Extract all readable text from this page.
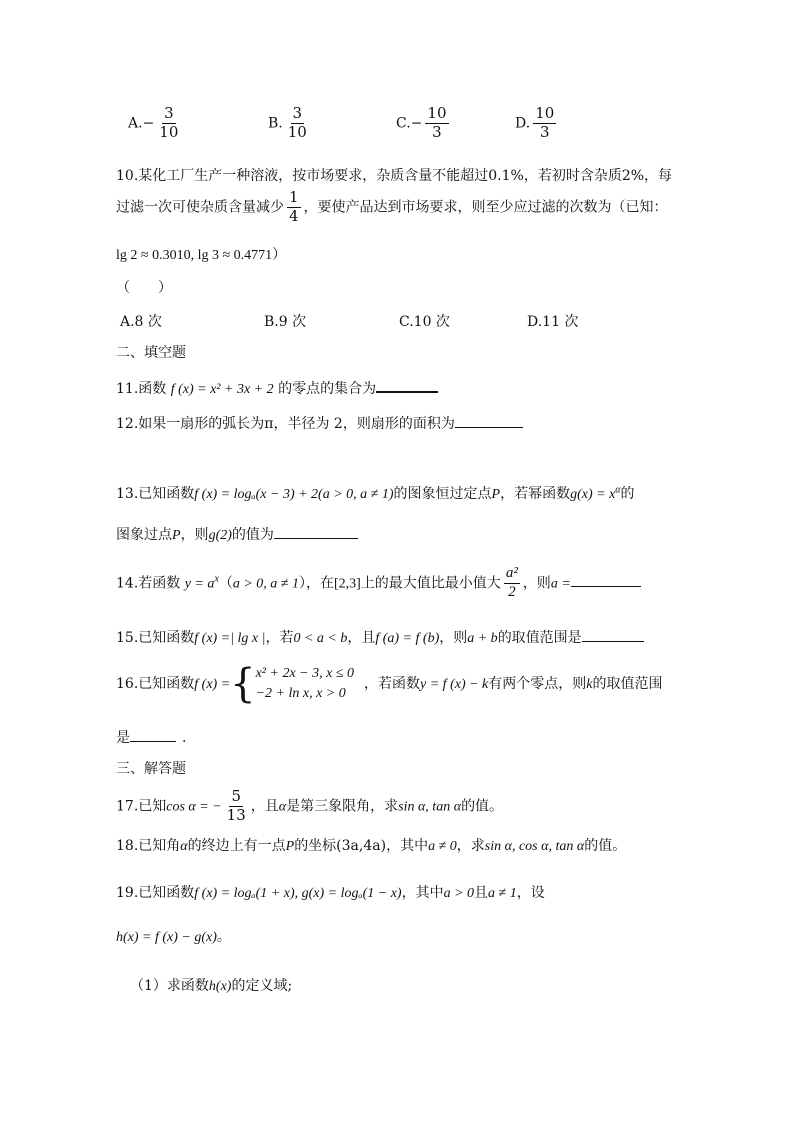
$A.- \frac{3}{10}$	B. $\frac{3}{10}$	$C.- \frac{10}{3}$	D. $\frac{10}{3}$
10.某化工厂生产一种溶液，按市场要求，杂质含量不能超过0.1%，若初时含杂质2%，每
过滤一次可使杂质含量减少 $\frac{1}{4}$ ，要使产品达到市场要求，则至少应过滤的次数为（已知：
lg 2 ≈ 0.3010, lg 3 ≈ 0.4771）
（　　）
A.8 次	B.9 次	C.10 次	D.11 次
二、填空题
11.函数 f (x) = x² + 3x + 2 的零点的集合为
12.如果一扇形的弧长为π，半径为 2，则扇形的面积为
13.已知函数f (x) = logₐ(x − 3) + 2(a > 0, a ≠ 1)的图象恒过定点P，若幂函数$g(x) = x^\alpha$的
图象过点P，则g(2)的值为
14.若函数 $y = a^x(a > 0$, a ≠ 1），在[2,3]上的最大值比最小值大 $\frac{\text{a²}}{2}$ ，则a =
15.已知函数f (x) =| lg x |，若0 < a < b，且f (a) = f (b)，则a + b的取值范围是
16.已知函数f (x) ={ x² + 2x − 3, x ≤ 0
−2 + ln x, x > 0
，若函数y = f (x) − k有两个零点，则k的取值范围
是	.
三、解答题
17.已知cos α = − $\frac{5}{13}$ ，且α是第三象限角，求sin α, tan α的值。
18.已知角α的终边上有一点P的坐标(3a,4a)，其中a ≠ 0，求sin α, cos α, tan α的值。
19.已知函数f (x) = logₐ(1 + x), g(x) = logₐ(1 − x)，其中a > 0且a ≠ 1，设
h(x) = f (x) − g(x)。
（1）求函数h(x)的定义域;
